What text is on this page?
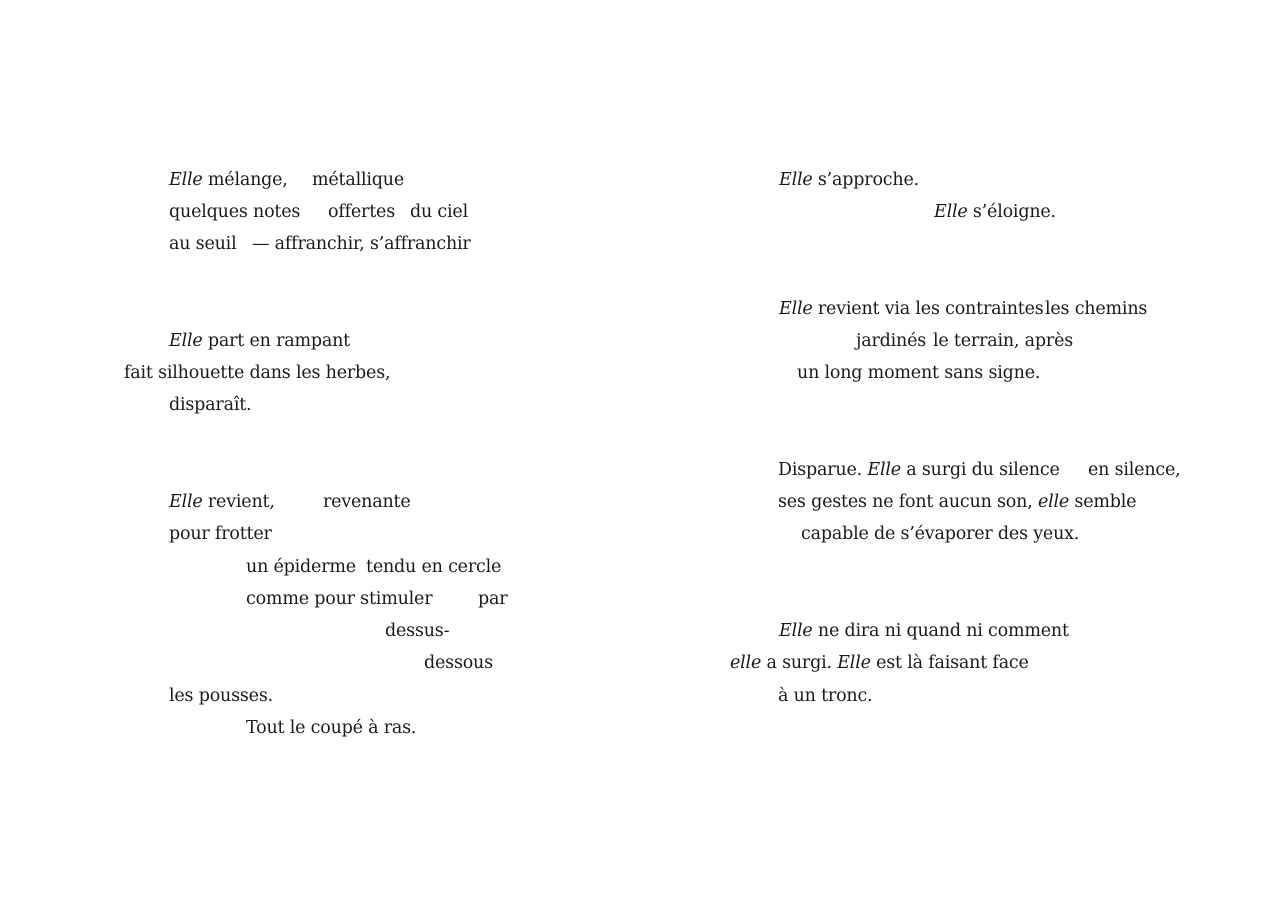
Elle mélange,

métallique

quelques notes

offertes

du ciel

au seuil

— affranchir, s’affranchir

Elle part en rampant

fait silhouette dans les herbes,

disparaît.

Elle revient,

	revenante

pour frotter

un épiderme

tendu en cercle

comme pour stimuler

	par

dessus-

dessous

les pousses.

Tout le coupé à ras.

Elle s’approche.

Elle s’éloigne.

Elle revient via les contraintes

les chemins

jardinés

le terrain, après

un long moment sans signe.

Disparue. Elle a surgi du silence

en silence,

ses gestes ne font aucun son, elle semble

capable de s’évaporer des yeux.

Elle ne dira ni quand ni comment

elle a surgi. Elle est là faisant face

à un tronc.
